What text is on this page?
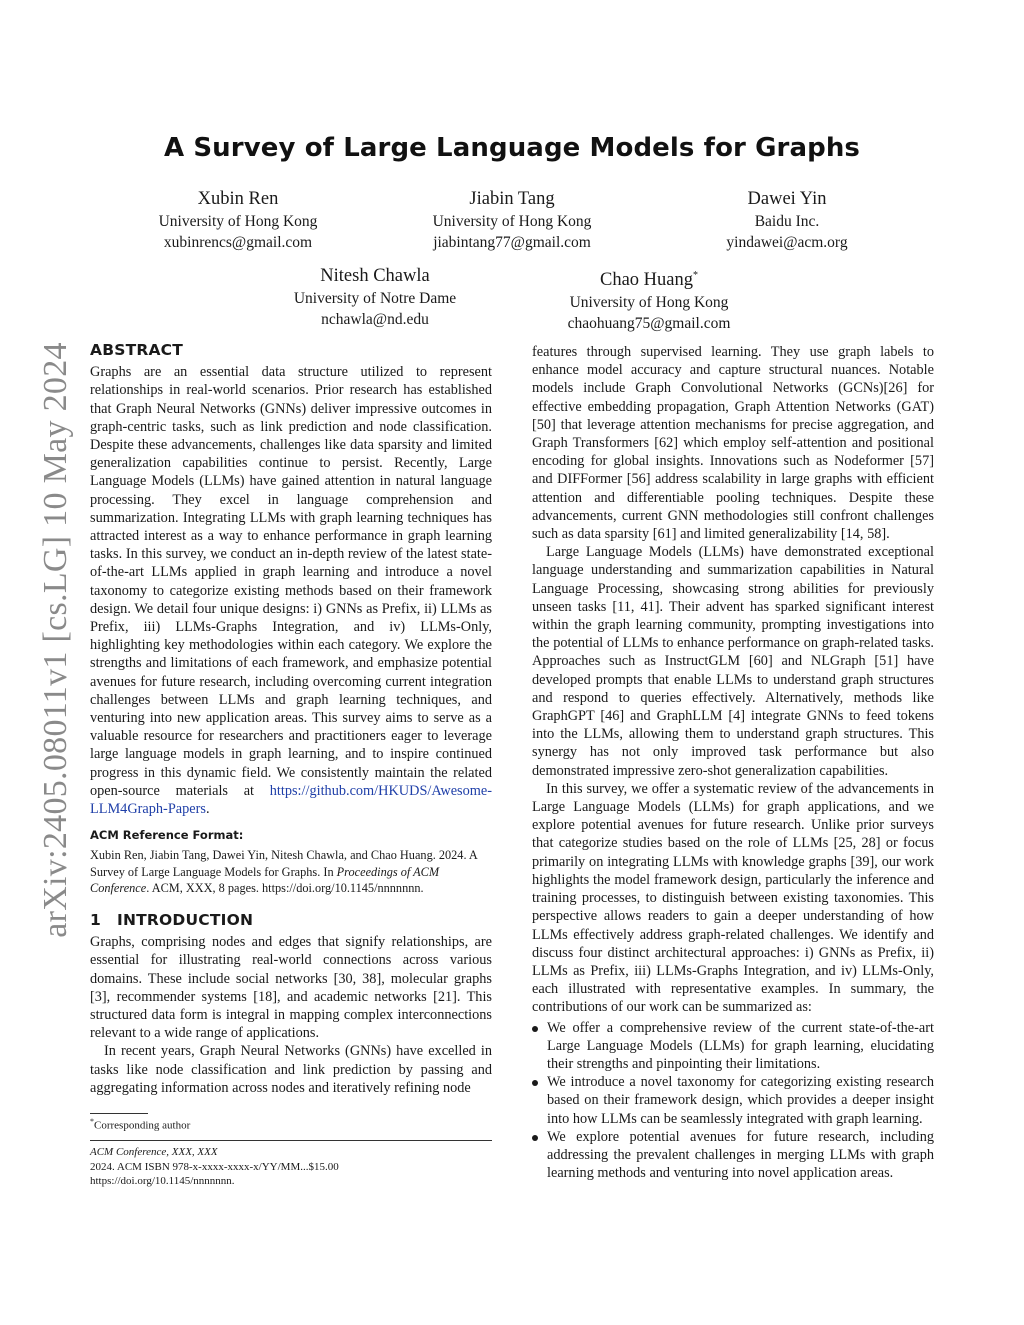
A Survey of Large Language Models for Graphs
Xubin Ren
University of Hong Kong
xubinrencs@gmail.com
Jiabin Tang
University of Hong Kong
jiabintang77@gmail.com
Dawei Yin
Baidu Inc.
yindawei@acm.org
Nitesh Chawla
University of Notre Dame
nchawla@nd.edu
Chao Huang*
University of Hong Kong
chaohuang75@gmail.com
arXiv:2405.08011v1 [cs.LG] 10 May 2024 ABSTRACT

Graphs are an essential data structure utilized to represent relationships in real-world scenarios. Prior research has established that Graph Neural Networks (GNNs) deliver impressive outcomes in graph-centric tasks, such as link prediction and node classification. Despite these advancements, challenges like data sparsity and limited generalization capabilities continue to persist. Recently, Large Language Models (LLMs) have gained attention in natural language processing. They excel in language comprehension and summarization. Integrating LLMs with graph learning techniques has attracted interest as a way to enhance performance in graph learning tasks. In this survey, we conduct an in-depth review of the latest state-of-the-art LLMs applied in graph learning and introduce a novel taxonomy to categorize existing methods based on their framework design. We detail four unique designs: i) GNNs as Prefix, ii) LLMs as Prefix, iii) LLMs-Graphs Integration, and iv) LLMs-Only, highlighting key methodologies within each category. We explore the strengths and limitations of each framework, and emphasize potential avenues for future research, including overcoming current integration challenges between LLMs and graph learning techniques, and venturing into new application areas. This survey aims to serve as a valuable resource for researchers and practitioners eager to leverage large language models in graph learning, and to inspire continued progress in this dynamic field. We consistently maintain the related open-source materials at https://github.com/HKUDS/Awesome-LLM4Graph-Papers.

ACM Reference Format:

Xubin Ren, Jiabin Tang, Dawei Yin, Nitesh Chawla, and Chao Huang. 2024. A Survey of Large Language Models for Graphs. In Proceedings of ACM Conference. ACM, XXX, 8 pages. https://doi.org/10.1145/nnnnnnn.

1 INTRODUCTION

Graphs, comprising nodes and edges that signify relationships, are essential for illustrating real-world connections across various domains. These include social networks [30, 38], molecular graphs [3], recommender systems [18], and academic networks [21]. This structured data form is integral in mapping complex interconnections relevant to a wide range of applications.

In recent years, Graph Neural Networks (GNNs) have excelled in tasks like node classification and link prediction by passing and aggregating information across nodes and iteratively refining node

*Corresponding author
ACM Conference, XXX, XXX
2024. ACM ISBN 978-x-xxxx-xxxx-x/YY/MM...$15.00
https://doi.org/10.1145/nnnnnnn.

features through supervised learning. They use graph labels to enhance model accuracy and capture structural nuances. Notable models include Graph Convolutional Networks (GCNs)[26] for effective embedding propagation, Graph Attention Networks (GAT)[50] that leverage attention mechanisms for precise aggregation, and Graph Transformers [62] which employ self-attention and positional encoding for global insights. Innovations such as Nodeformer [57] and DIFFormer [56] address scalability in large graphs with efficient attention and differentiable pooling techniques. Despite these advancements, current GNN methodologies still confront challenges such as data sparsity [61] and limited generalizability [14, 58].

Large Language Models (LLMs) have demonstrated exceptional language understanding and summarization capabilities in Natural Language Processing, showcasing strong abilities for previously unseen tasks [11, 41]. Their advent has sparked significant interest within the graph learning community, prompting investigations into the potential of LLMs to enhance performance on graph-related tasks. Approaches such as InstructGLM [60] and NLGraph [51] have developed prompts that enable LLMs to understand graph structures and respond to queries effectively. Alternatively, methods like GraphGPT [46] and GraphLLM [4] integrate GNNs to feed tokens into the LLMs, allowing them to understand graph structures. This synergy has not only improved task performance but also demonstrated impressive zero-shot generalization capabilities.

In this survey, we offer a systematic review of the advancements in Large Language Models (LLMs) for graph applications, and we explore potential avenues for future research. Unlike prior surveys that categorize studies based on the role of LLMs [25, 28] or focus primarily on integrating LLMs with knowledge graphs [39], our work highlights the model framework design, particularly the inference and training processes, to distinguish between existing taxonomies. This perspective allows readers to gain a deeper understanding of how LLMs effectively address graph-related challenges. We identify and discuss four distinct architectural approaches: i) GNNs as Prefix, ii) LLMs as Prefix, iii) LLMs-Graphs Integration, and iv) LLMs-Only, each illustrated with representative examples. In summary, the contributions of our work can be summarized as:

We offer a comprehensive review of the current state-of-the-art Large Language Models (LLMs) for graph learning, elucidating their strengths and pinpointing their limitations.
We introduce a novel taxonomy for categorizing existing research based on their framework design, which provides a deeper insight into how LLMs can be seamlessly integrated with graph learning.
We explore potential avenues for future research, including addressing the prevalent challenges in merging LLMs with graph learning methods and venturing into novel application areas.
